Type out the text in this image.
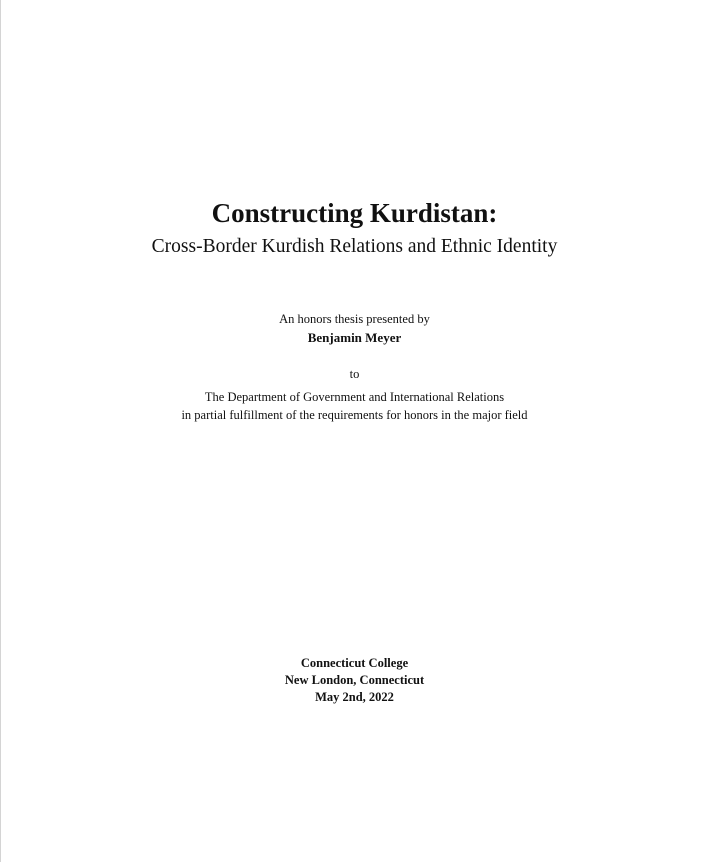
Constructing Kurdistan:
Cross-Border Kurdish Relations and Ethnic Identity
An honors thesis presented by
Benjamin Meyer
to
The Department of Government and International Relations
in partial fulfillment of the requirements for honors in the major field
Connecticut College
New London, Connecticut
May 2nd, 2022
